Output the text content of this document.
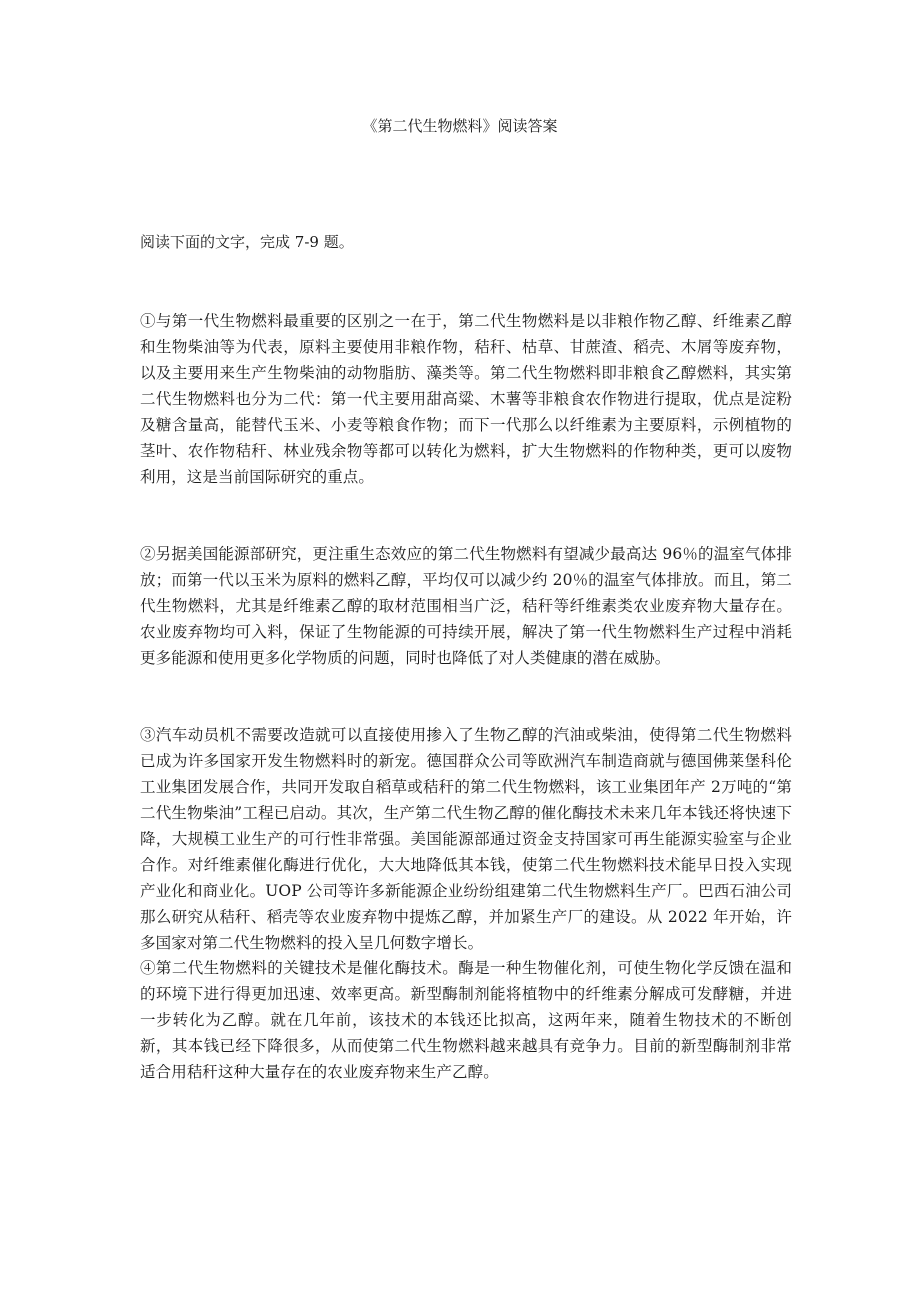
《第二代生物燃料》阅读答案

阅读下面的文字，完成 7-9 题。

①与第一代生物燃料最重要的区别之一在于，第二代生物燃料是以非粮作物乙醇、纤维素乙醇和生物柴油等为代表，原料主要使用非粮作物，秸秆、枯草、甘蔗渣、稻壳、木屑等废弃物，以及主要用来生产生物柴油的动物脂肪、藻类等。第二代生物燃料即非粮食乙醇燃料，其实第二代生物燃料也分为二代：第一代主要用甜高粱、木薯等非粮食农作物进行提取，优点是淀粉及糖含量高，能替代玉米、小麦等粮食作物；而下一代那么以纤维素为主要原料，示例植物的茎叶、农作物秸秆、林业残余物等都可以转化为燃料，扩大生物燃料的作物种类，更可以废物利用，这是当前国际研究的重点。

②另据美国能源部研究，更注重生态效应的第二代生物燃料有望减少最高达 96％的温室气体排放；而第一代以玉米为原料的燃料乙醇，平均仅可以减少约 20％的温室气体排放。而且，第二代生物燃料，尤其是纤维素乙醇的取材范围相当广泛，秸秆等纤维素类农业废弃物大量存在。农业废弃物均可入料，保证了生物能源的可持续开展，解决了第一代生物燃料生产过程中消耗更多能源和使用更多化学物质的问题，同时也降低了对人类健康的潜在威胁。

③汽车动员机不需要改造就可以直接使用掺入了生物乙醇的汽油或柴油，使得第二代生物燃料已成为许多国家开发生物燃料时的新宠。德国群众公司等欧洲汽车制造商就与德国佛莱堡科伦工业集团发展合作，共同开发取自稻草或秸秆的第二代生物燃料，该工业集团年产 2万吨的“第二代生物柴油”工程已启动。其次，生产第二代生物乙醇的催化酶技术未来几年本钱还将快速下降，大规模工业生产的可行性非常强。美国能源部通过资金支持国家可再生能源实验室与企业合作。对纤维素催化酶进行优化，大大地降低其本钱，使第二代生物燃料技术能早日投入实现产业化和商业化。UOP 公司等许多新能源企业纷纷组建第二代生物燃料生产厂。巴西石油公司那么研究从秸秆、稻壳等农业废弃物中提炼乙醇，并加紧生产厂的建设。从 2022 年开始，许多国家对第二代生物燃料的投入呈几何数字增长。

④第二代生物燃料的关键技术是催化酶技术。酶是一种生物催化剂，可使生物化学反馈在温和的环境下进行得更加迅速、效率更高。新型酶制剂能将植物中的纤维素分解成可发酵糖，并进一步转化为乙醇。就在几年前，该技术的本钱还比拟高，这两年来，随着生物技术的不断创新，其本钱已经下降很多，从而使第二代生物燃料越来越具有竞争力。目前的新型酶制剂非常适合用秸秆这种大量存在的农业废弃物来生产乙醇。
